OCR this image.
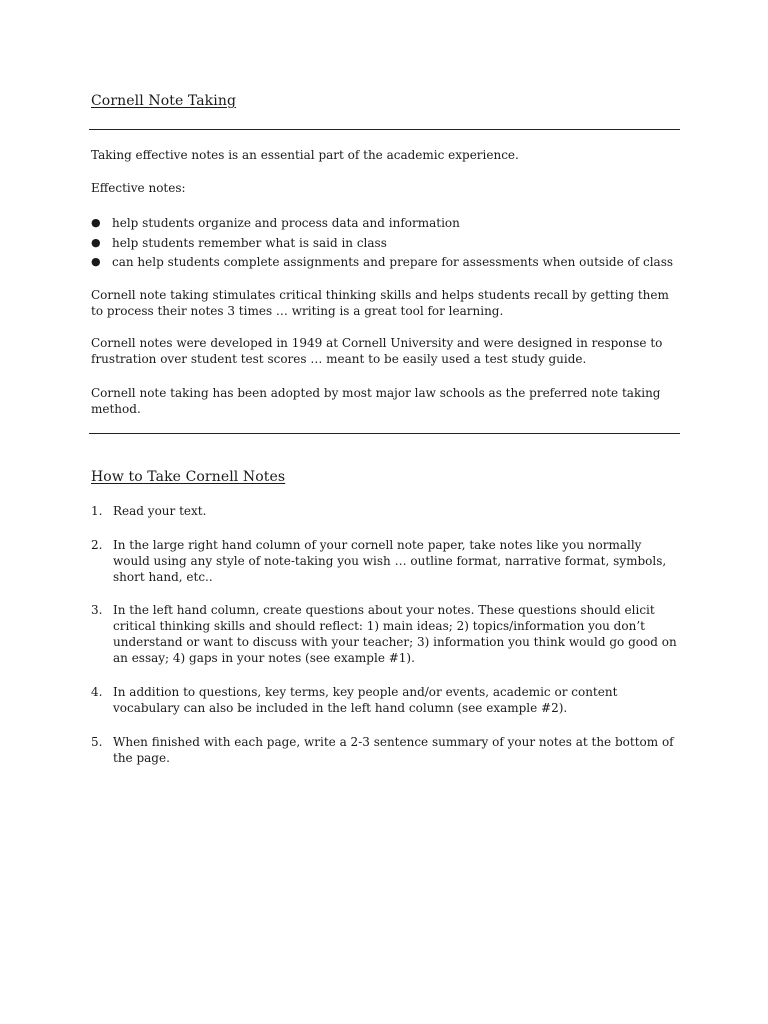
Cornell Note Taking

Taking effective notes is an essential part of the academic experience.

Effective notes:

● help students organize and process data and information
● help students remember what is said in class
● can help students complete assignments and prepare for assessments when outside of class

Cornell note taking stimulates critical thinking skills and helps students recall by getting them to process their notes 3 times … writing is a great tool for learning.

Cornell notes were developed in 1949 at Cornell University and were designed in response to frustration over student test scores … meant to be easily used a test study guide.

Cornell note taking has been adopted by most major law schools as the preferred note taking method.

How to Take Cornell Notes
1. Read your text.
2. In the large right hand column of your cornell note paper, take notes like you normally would using any style of note-taking you wish … outline format, narrative format, symbols, short hand, etc..
3. In the left hand column, create questions about your notes. These questions should elicit critical thinking skills and should reflect: 1) main ideas; 2) topics/information you don’t understand or want to discuss with your teacher; 3) information you think would go good on an essay; 4) gaps in your notes (see example #1).
4. In addition to questions, key terms, key people and/or events, academic or content vocabulary can also be included in the left hand column (see example #2).
5. When finished with each page, write a 2-3 sentence summary of your notes at the bottom of the page.
